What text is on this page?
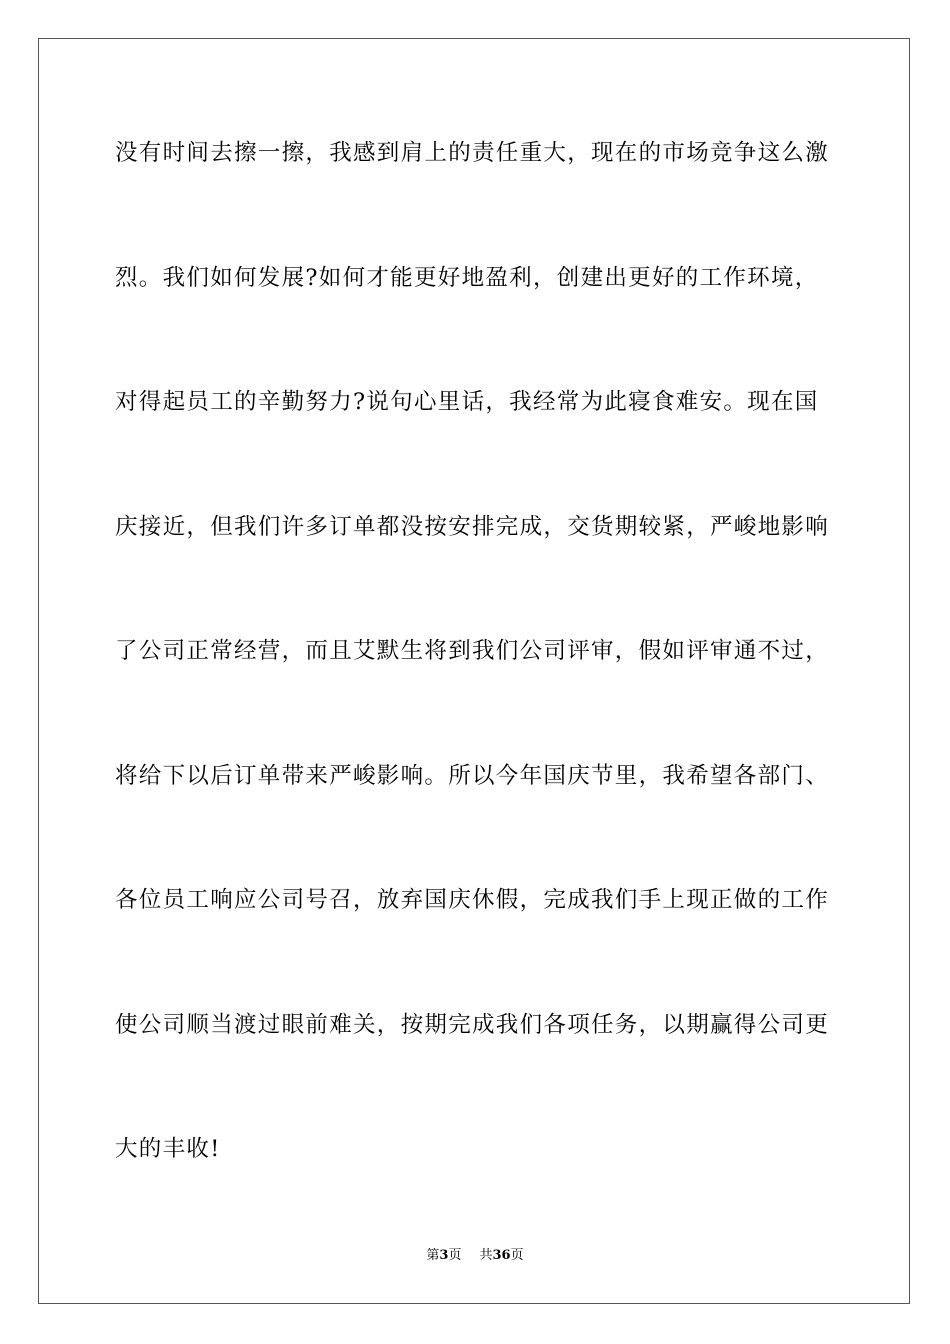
没有时间去擦一擦，我感到肩上的责任重大，现在的市场竞争这么激

烈。我们如何发展?如何才能更好地盈利，创建出更好的工作环境，

对得起员工的辛勤努力?说句心里话，我经常为此寝食难安。现在国

庆接近，但我们许多订单都没按安排完成，交货期较紧，严峻地影响

了公司正常经营，而且艾默生将到我们公司评审，假如评审通不过，

将给下以后订单带来严峻影响。所以今年国庆节里，我希望各部门、

各位员工响应公司号召，放弃国庆休假，完成我们手上现正做的工作

使公司顺当渡过眼前难关，按期完成我们各项任务，以期赢得公司更

大的丰收!

第3页 共36页
